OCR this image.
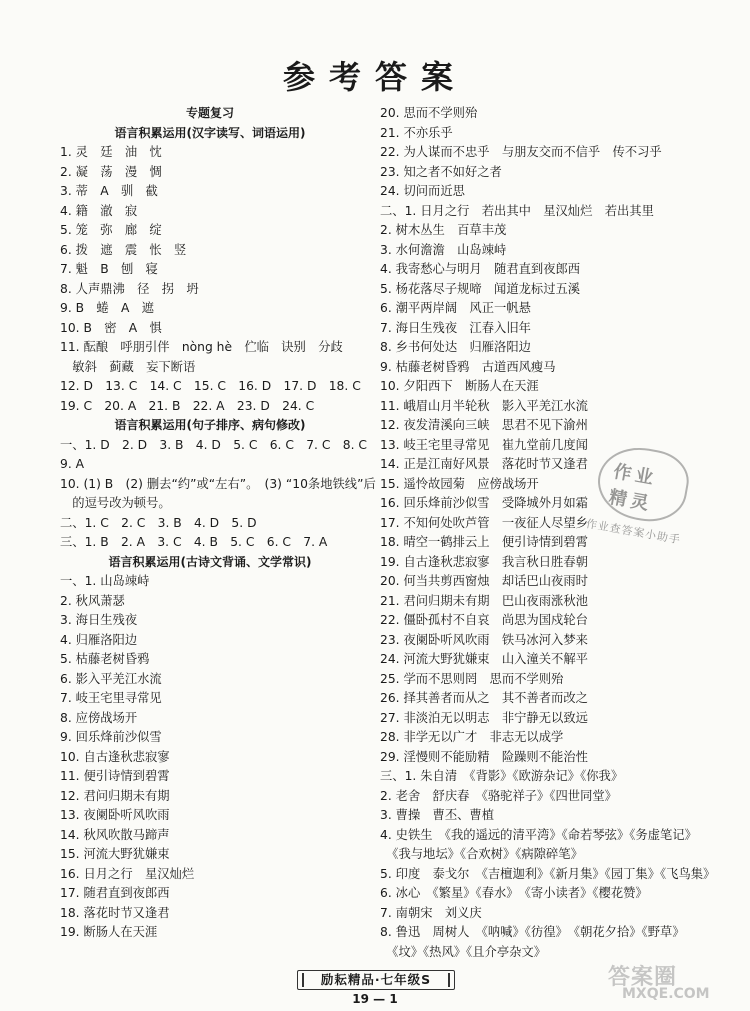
参考答案
专题复习
语言积累运用(汉字读写、词语运用)
1. 灵　廷　油　忱
2. 凝　荡　漫　惆
3. 蒂　A　驯　截
4. 籍　澈　寂
5. 笼　弥　廊　绽
6. 拨　遮　震　怅　竖
7. 魁　B　刨　寝
8. 人声鼎沸　径　拐　坍
9. B　蜷　A　遮
10. B　密　A　惧
11. 酝酿　呼朋引伴　nòng hè　伫临　诀别　分歧
　敏斜　蓟藏　妄下断语
12. D　13. C　14. C　15. C　16. D　17. D　18. C
19. C　20. A　21. B　22. A　23. D　24. C
语言积累运用(句子排序、病句修改)
一、1. D　2. D　3. B　4. D　5. C　6. C　7. C　8. C
9. A
10. (1) B　(2) 删去“约”或“左右”。　(3) “10条地铁线”后
　的逗号改为顿号。
二、1. C　2. C　3. B　4. D　5. D
三、1. B　2. A　3. C　4. B　5. C　6. C　7. A
语言积累运用(古诗文背诵、文学常识)
一、1. 山岛竦峙
2. 秋风萧瑟
3. 海日生残夜
4. 归雁洛阳边
5. 枯藤老树昏鸦
6. 影入平羌江水流
7. 岐王宅里寻常见
8. 应傍战场开
9. 回乐烽前沙似雪
10. 自古逢秋悲寂寥
11. 便引诗情到碧霄
12. 君问归期未有期
13. 夜阑卧听风吹雨
14. 秋风吹散马蹄声
15. 河流大野犹嫌束
16. 日月之行　星汉灿烂
17. 随君直到夜郎西
18. 落花时节又逢君
19. 断肠人在天涯
20. 思而不学则殆
21. 不亦乐乎
22. 为人谋而不忠乎　与朋友交而不信乎　传不习乎
23. 知之者不如好之者
24. 切问而近思
二、1. 日月之行　若出其中　星汉灿烂　若出其里
2. 树木丛生　百草丰茂
3. 水何澹澹　山岛竦峙
4. 我寄愁心与明月　随君直到夜郎西
5. 杨花落尽子规啼　闻道龙标过五溪
6. 潮平两岸阔　风正一帆悬
7. 海日生残夜　江春入旧年
8. 乡书何处达　归雁洛阳边
9. 枯藤老树昏鸦　古道西风瘦马
10. 夕阳西下　断肠人在天涯
11. 峨眉山月半轮秋　影入平羌江水流
12. 夜发清溪向三峡　思君不见下渝州
13. 岐王宅里寻常见　崔九堂前几度闻
14. 正是江南好风景　落花时节又逢君
15. 遥怜故园菊　应傍战场开
16. 回乐烽前沙似雪　受降城外月如霜
17. 不知何处吹芦管　一夜征人尽望乡
18. 晴空一鹤排云上　便引诗情到碧霄
19. 自古逢秋悲寂寥　我言秋日胜春朝
20. 何当共剪西窗烛　却话巴山夜雨时
21. 君问归期未有期　巴山夜雨涨秋池
22. 僵卧孤村不自哀　尚思为国戍轮台
23. 夜阑卧听风吹雨　铁马冰河入梦来
24. 河流大野犹嫌束　山入潼关不解平
25. 学而不思则罔　思而不学则殆
26. 择其善者而从之　其不善者而改之
27. 非淡泊无以明志　非宁静无以致远
28. 非学无以广才　非志无以成学
29. 淫慢则不能励精　险躁则不能治性
三、1. 朱自清　《背影》《欧游杂记》《你我》
2. 老舍　舒庆春　《骆驼祥子》《四世同堂》
3. 曹操　曹丕、曹植
4. 史铁生　《我的遥远的清平湾》《命若琴弦》《务虚笔记》
　《我与地坛》《合欢树》《病隙碎笔》
5. 印度　泰戈尔　《吉檀迦利》《新月集》《园丁集》《飞鸟集》
6. 冰心　《繁星》《春水》　《寄小读者》《樱花赞》
7. 南朝宋　刘义庆
8. 鲁迅　周树人　《呐喊》《彷徨》　《朝花夕拾》《野草》
　《坟》《热风》《且介亭杂文》
作业
精灵
作业查答案小助手
励耘精品·七年级S
19 — 1
答案圈
MXQE.COM
